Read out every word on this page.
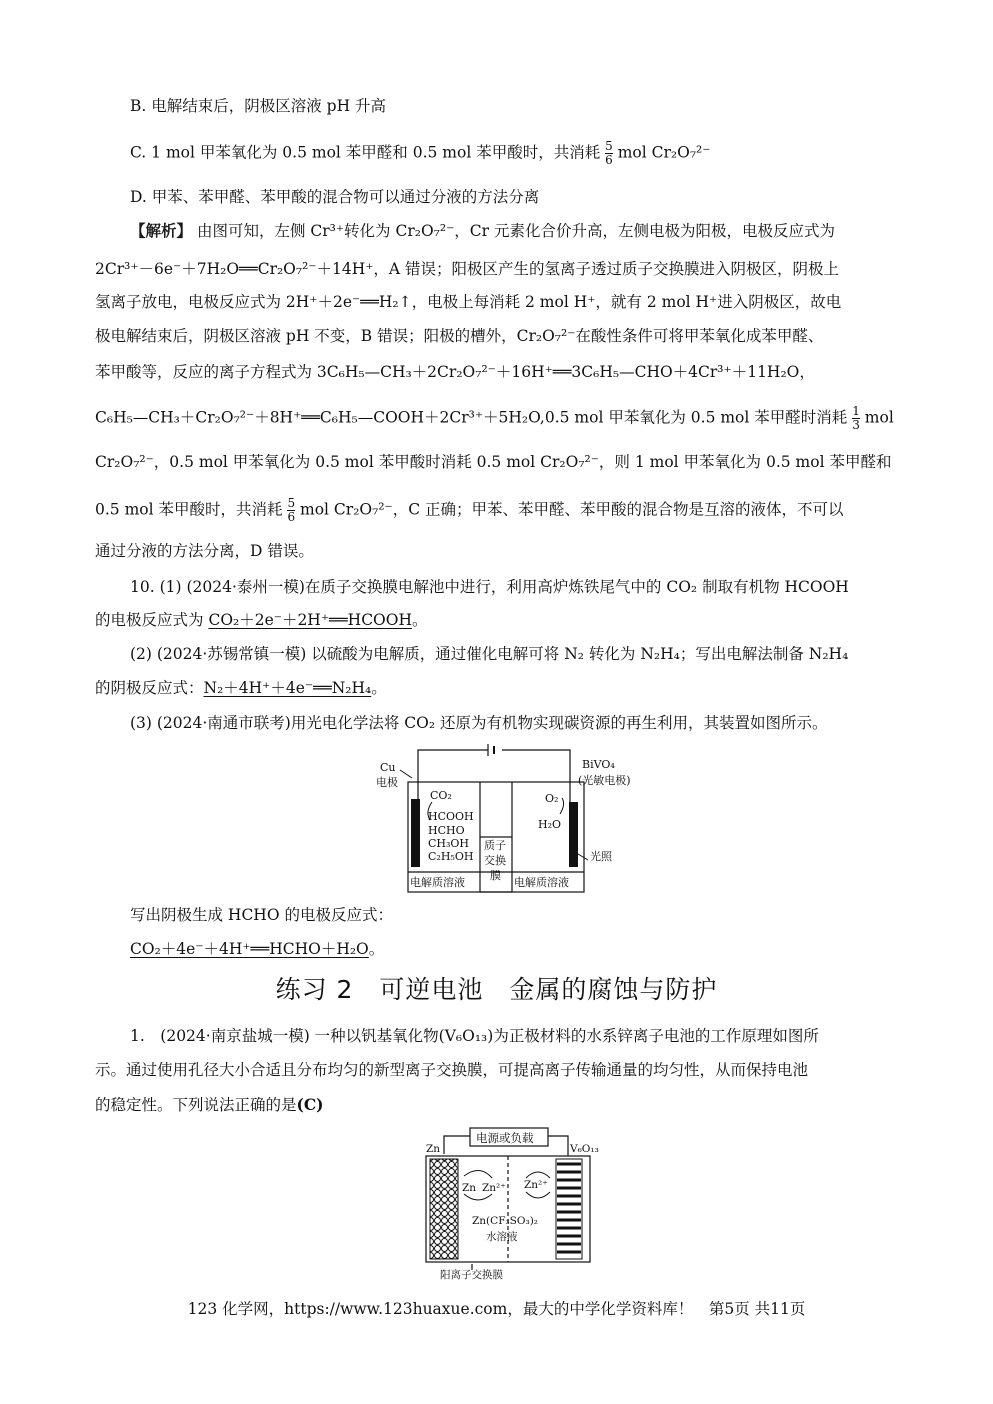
B. 电解结束后，阴极区溶液 pH 升高
C. 1 mol 甲苯氧化为 0.5 mol 苯甲醛和 0.5 mol 苯甲酸时，共消耗 $\frac{5}{6}$ mol Cr₂O₇²⁻
D. 甲苯、苯甲醛、苯甲酸的混合物可以通过分液的方法分离
【解析】 由图可知，左侧 Cr³⁺转化为 Cr₂O₇²⁻，Cr 元素化合价升高，左侧电极为阳极，电极反应式为
2Cr³⁺－6e⁻＋7H₂O══Cr₂O₇²⁻＋14H⁺，A 错误；阳极区产生的氢离子透过质子交换膜进入阴极区，阴极上
氢离子放电，电极反应式为 2H⁺＋2e⁻══H₂↑，电极上每消耗 2 mol H⁺，就有 2 mol H⁺进入阴极区，故电
极电解结束后，阴极区溶液 pH 不变，B 错误；阳极的槽外，Cr₂O₇²⁻在酸性条件可将甲苯氧化成苯甲醛、
苯甲酸等，反应的离子方程式为 3C₆H₅—CH₃＋2Cr₂O₇²⁻＋16H⁺══3C₆H₅—CHO＋4Cr³⁺＋11H₂O，
C₆H₅—CH₃＋Cr₂O₇²⁻＋8H⁺══C₆H₅—COOH＋2Cr³⁺＋5H₂O,0.5 mol 甲苯氧化为 0.5 mol 苯甲醛时消耗 $\frac{1}{3}$ mol
Cr₂O₇²⁻，0.5 mol 甲苯氧化为 0.5 mol 苯甲酸时消耗 0.5 mol Cr₂O₇²⁻，则 1 mol 甲苯氧化为 0.5 mol 苯甲醛和
0.5 mol 苯甲酸时，共消耗 $\frac{5}{6}$ mol Cr₂O₇²⁻，C 正确；甲苯、苯甲醛、苯甲酸的混合物是互溶的液体，不可以
通过分液的方法分离，D 错误。
10. (1) (2024·泰州一模)在质子交换膜电解池中进行，利用高炉炼铁尾气中的 CO₂ 制取有机物 HCOOH
的电极反应式为 CO₂＋2e⁻＋2H⁺══HCOOH。
(2) (2024·苏锡常镇一模) 以硫酸为电解质，通过催化电解可将 N₂ 转化为 N₂H₄；写出电解法制备 N₂H₄
的阴极反应式：N₂＋4H⁺＋4e⁻══N₂H₄。
(3) (2024·南通市联考)用光电化学法将 CO₂ 还原为有机物实现碳资源的再生利用，其装置如图所示。
Cu
电极
CO₂
HCOOH
HCHO
CH₃OH
C₂H₅OH
BiVO₄
(光敏电极)
O₂
H₂O
质子
交换
膜
光照
电解质溶液	电解质溶液
写出阴极生成 HCHO 的电极反应式：
CO₂＋4e⁻＋4H⁺══HCHO＋H₂O。
练习 2　可逆电池　金属的腐蚀与防护
1.　(2024·南京盐城一模) 一种以钒基氧化物(V₆O₁₃)为正极材料的水系锌离子电池的工作原理如图所
示。通过使用孔径大小合适且分布均匀的新型离子交换膜，可提高离子传输通量的均匀性，从而保持电池
的稳定性。下列说法正确的是(C)
电源或负载
Zn	V₆O₁₃
Zn Zn²⁺ Zn²⁺
Zn(CF₃SO₃)₂
水溶液
阳离子交换膜
123 化学网，https://www.123huaxue.com，最大的中学化学资料库！　第5页 共11页
